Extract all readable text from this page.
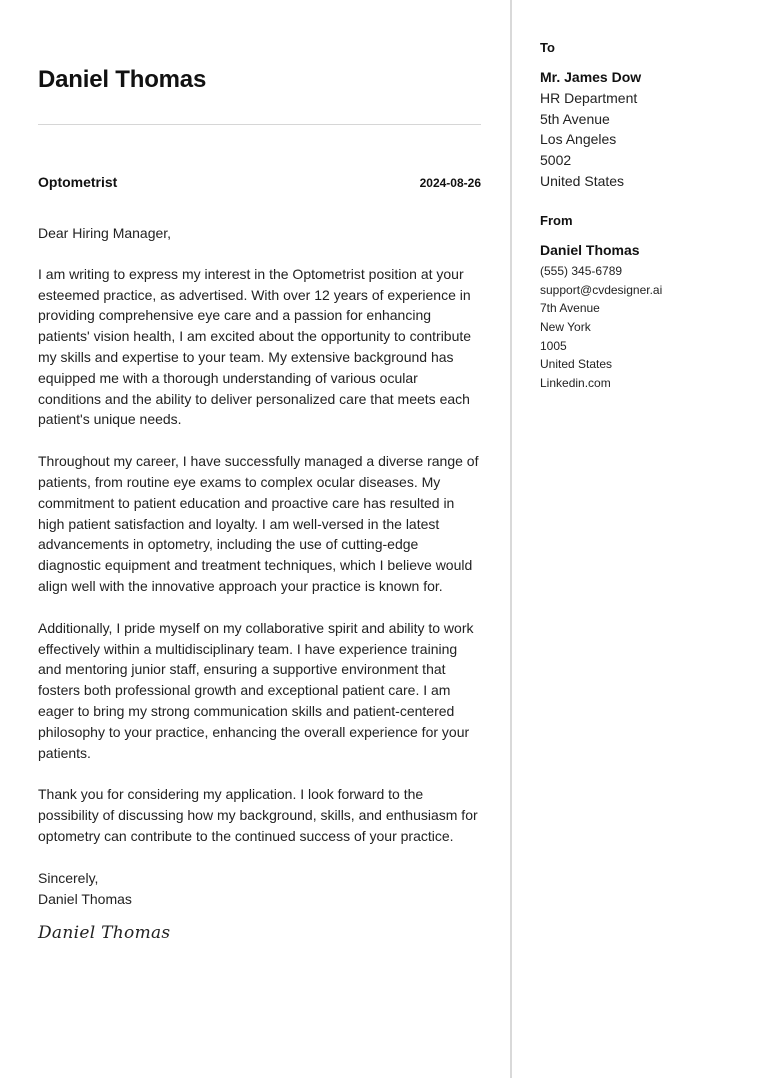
Daniel Thomas
Optometrist	2024-08-26

Dear Hiring Manager,

I am writing to express my interest in the Optometrist position at your esteemed practice, as advertised. With over 12 years of experience in providing comprehensive eye care and a passion for enhancing patients' vision health, I am excited about the opportunity to contribute my skills and expertise to your team. My extensive background has equipped me with a thorough understanding of various ocular conditions and the ability to deliver personalized care that meets each patient's unique needs.

Throughout my career, I have successfully managed a diverse range of patients, from routine eye exams to complex ocular diseases. My commitment to patient education and proactive care has resulted in high patient satisfaction and loyalty. I am well-versed in the latest advancements in optometry, including the use of cutting-edge diagnostic equipment and treatment techniques, which I believe would align well with the innovative approach your practice is known for.

Additionally, I pride myself on my collaborative spirit and ability to work effectively within a multidisciplinary team. I have experience training and mentoring junior staff, ensuring a supportive environment that fosters both professional growth and exceptional patient care. I am eager to bring my strong communication skills and patient-centered philosophy to your practice, enhancing the overall experience for your patients.

Thank you for considering my application. I look forward to the possibility of discussing how my background, skills, and enthusiasm for optometry can contribute to the continued success of your practice.

Sincerely,
Daniel Thomas
Daniel Thomas
To
Mr. James Dow
HR Department
5th Avenue
Los Angeles
5002
United States
From
Daniel Thomas
(555) 345-6789
support@cvdesigner.ai
7th Avenue
New York
1005
United States
Linkedin.com
